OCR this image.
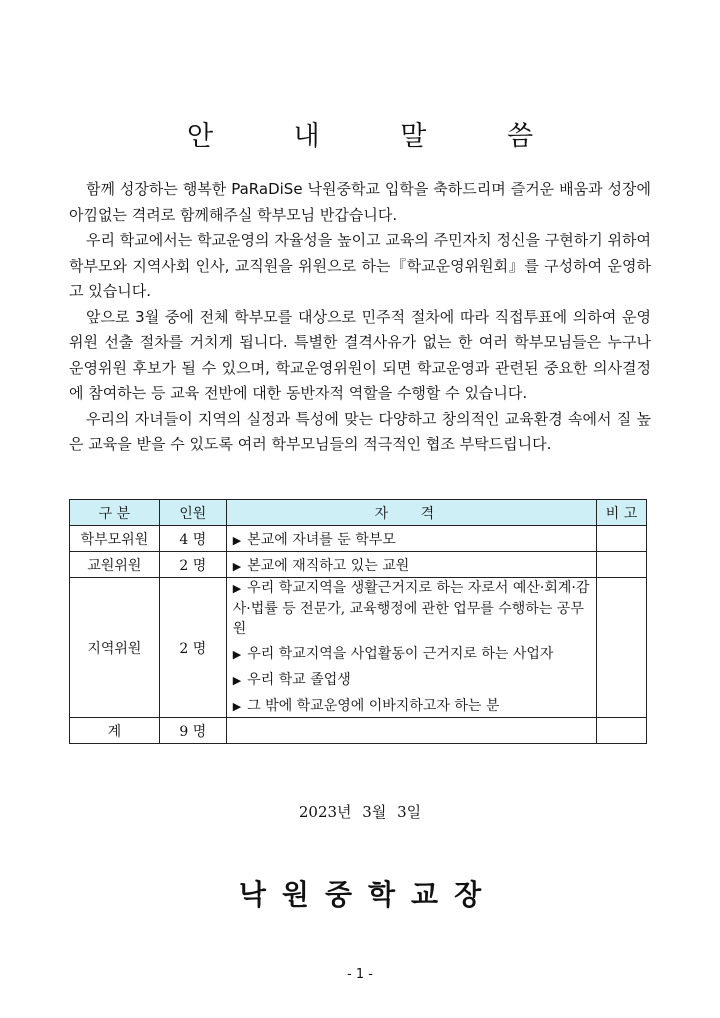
안 내 말 씀

함께 성장하는 행복한 PaRaDiSe 낙원중학교 입학을 축하드리며 즐거운 배움과 성장에 아낌없는 격려로 함께해주실 학부모님 반갑습니다.

우리 학교에서는 학교운영의 자율성을 높이고 교육의 주민자치 정신을 구현하기 위하여 학부모와 지역사회 인사, 교직원을 위원으로 하는『학교운영위원회』를 구성하여 운영하고 있습니다.

앞으로 3월 중에 전체 학부모를 대상으로 민주적 절차에 따라 직접투표에 의하여 운영위원 선출 절차를 거치게 됩니다. 특별한 결격사유가 없는 한 여러 학부모님들은 누구나 운영위원 후보가 될 수 있으며, 학교운영위원이 되면 학교운영과 관련된 중요한 의사결정에 참여하는 등 교육 전반에 대한 동반자적 역할을 수행할 수 있습니다.

우리의 자녀들이 지역의 실정과 특성에 맞는 다양하고 창의적인 교육환경 속에서 질 높은 교육을 받을 수 있도록 여러 학부모님들의 적극적인 협조 부탁드립니다.

구 분	인원	자 격	비 고
학부모위원	4 명	▶ 본교에 자녀를 둔 학부모	

교원위원	2 명	▶ 본교에 재직하고 있는 교원	

지역위원	2 명	▶ 우리 학교지역을 생활근거지로 하는 자로서 예산·회계·감사·법률 등 전문가, 교육행정에 관한 업무를 수행하는 공무원
▶ 우리 학교지역을 사업활동이 근거지로 하는 사업자
▶ 우리 학교 졸업생
▶ 그 밖에 학교운영에 이바지하고자 하는 분	

계	9 명		
2023년 3월 3일
낙원중학교장
- 1 -
